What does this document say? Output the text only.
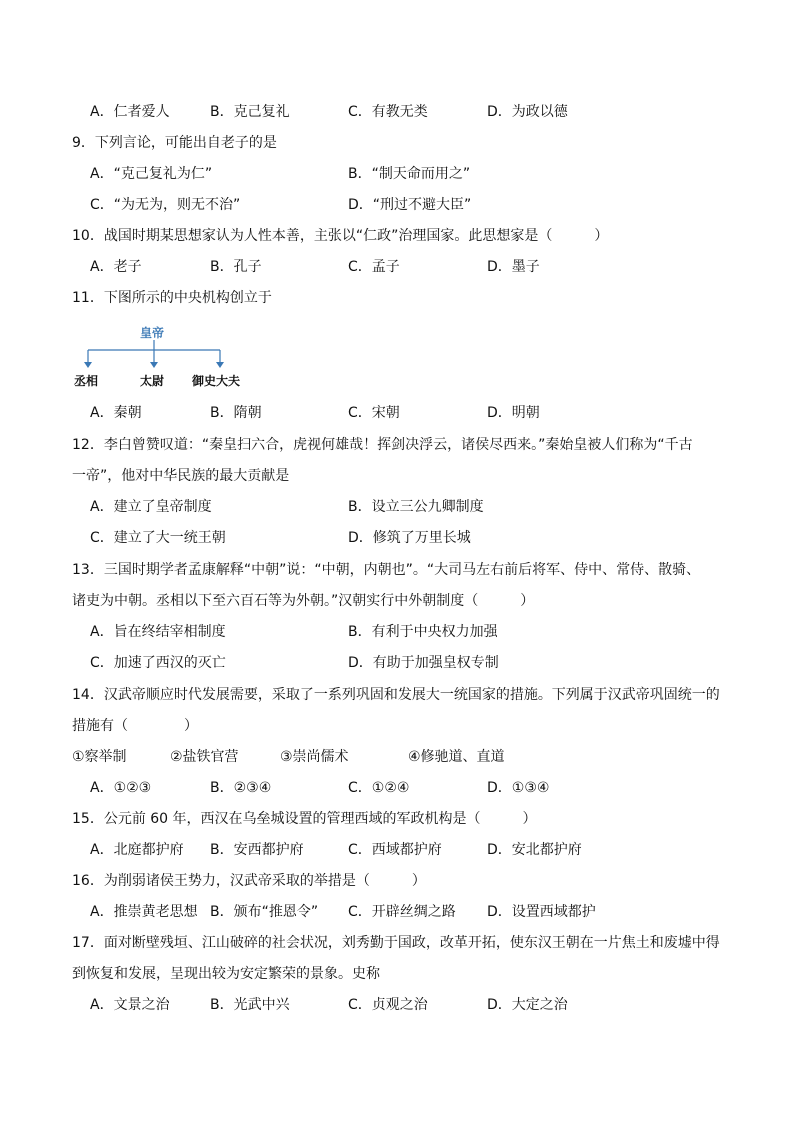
A．仁者爱人	B．克己复礼	C．有教无类	D．为政以德
9．下列言论，可能出自老子的是
A．“克己复礼为仁”	B．“制天命而用之”
C．“为无为，则无不治”	D．“刑过不避大臣”
10．战国时期某思想家认为人性本善，主张以“仁政”治理国家。此思想家是（　　　）
A．老子	B．孔子	C．孟子	D．墨子
11．下图所示的中央机构创立于
皇帝
丞相	太尉 御史大夫
A．秦朝	B．隋朝	C．宋朝	D．明朝
12．李白曾赞叹道：“秦皇扫六合，虎视何雄哉！挥剑决浮云，诸侯尽西来。”秦始皇被人们称为“千古
一帝”，他对中华民族的最大贡献是
A．建立了皇帝制度	B．设立三公九卿制度
C．建立了大一统王朝	D．修筑了万里长城
13．三国时期学者孟康解释“中朝”说：“中朝，内朝也”。“大司马左右前后将军、侍中、常侍、散骑、
诸吏为中朝。丞相以下至六百石等为外朝。”汉朝实行中外朝制度（　　　）
A．旨在终结宰相制度	B．有利于中央权力加强
C．加速了西汉的灭亡	D．有助于加强皇权专制
14．汉武帝顺应时代发展需要，采取了一系列巩固和发展大一统国家的措施。下列属于汉武帝巩固统一的
措施有（　　　　）
①察举制	②盐铁官营	③崇尚儒术	④修驰道、直道
A．①②③	B．②③④	C．①②④	D．①③④
15．公元前 60 年，西汉在乌垒城设置的管理西域的军政机构是（　　　）
A．北庭都护府 B．安西都护府	C．西域都护府	D．安北都护府
16．为削弱诸侯王势力，汉武帝采取的举措是（　　　）
A．推崇黄老思想 B．颁布“推恩令” C．开辟丝绸之路 D．设置西域都护
17．面对断壁残垣、江山破碎的社会状况，刘秀勤于国政，改革开拓，使东汉王朝在一片焦土和废墟中得
到恢复和发展，呈现出较为安定繁荣的景象。史称
A．文景之治	B．光武中兴	C．贞观之治	D．大定之治
